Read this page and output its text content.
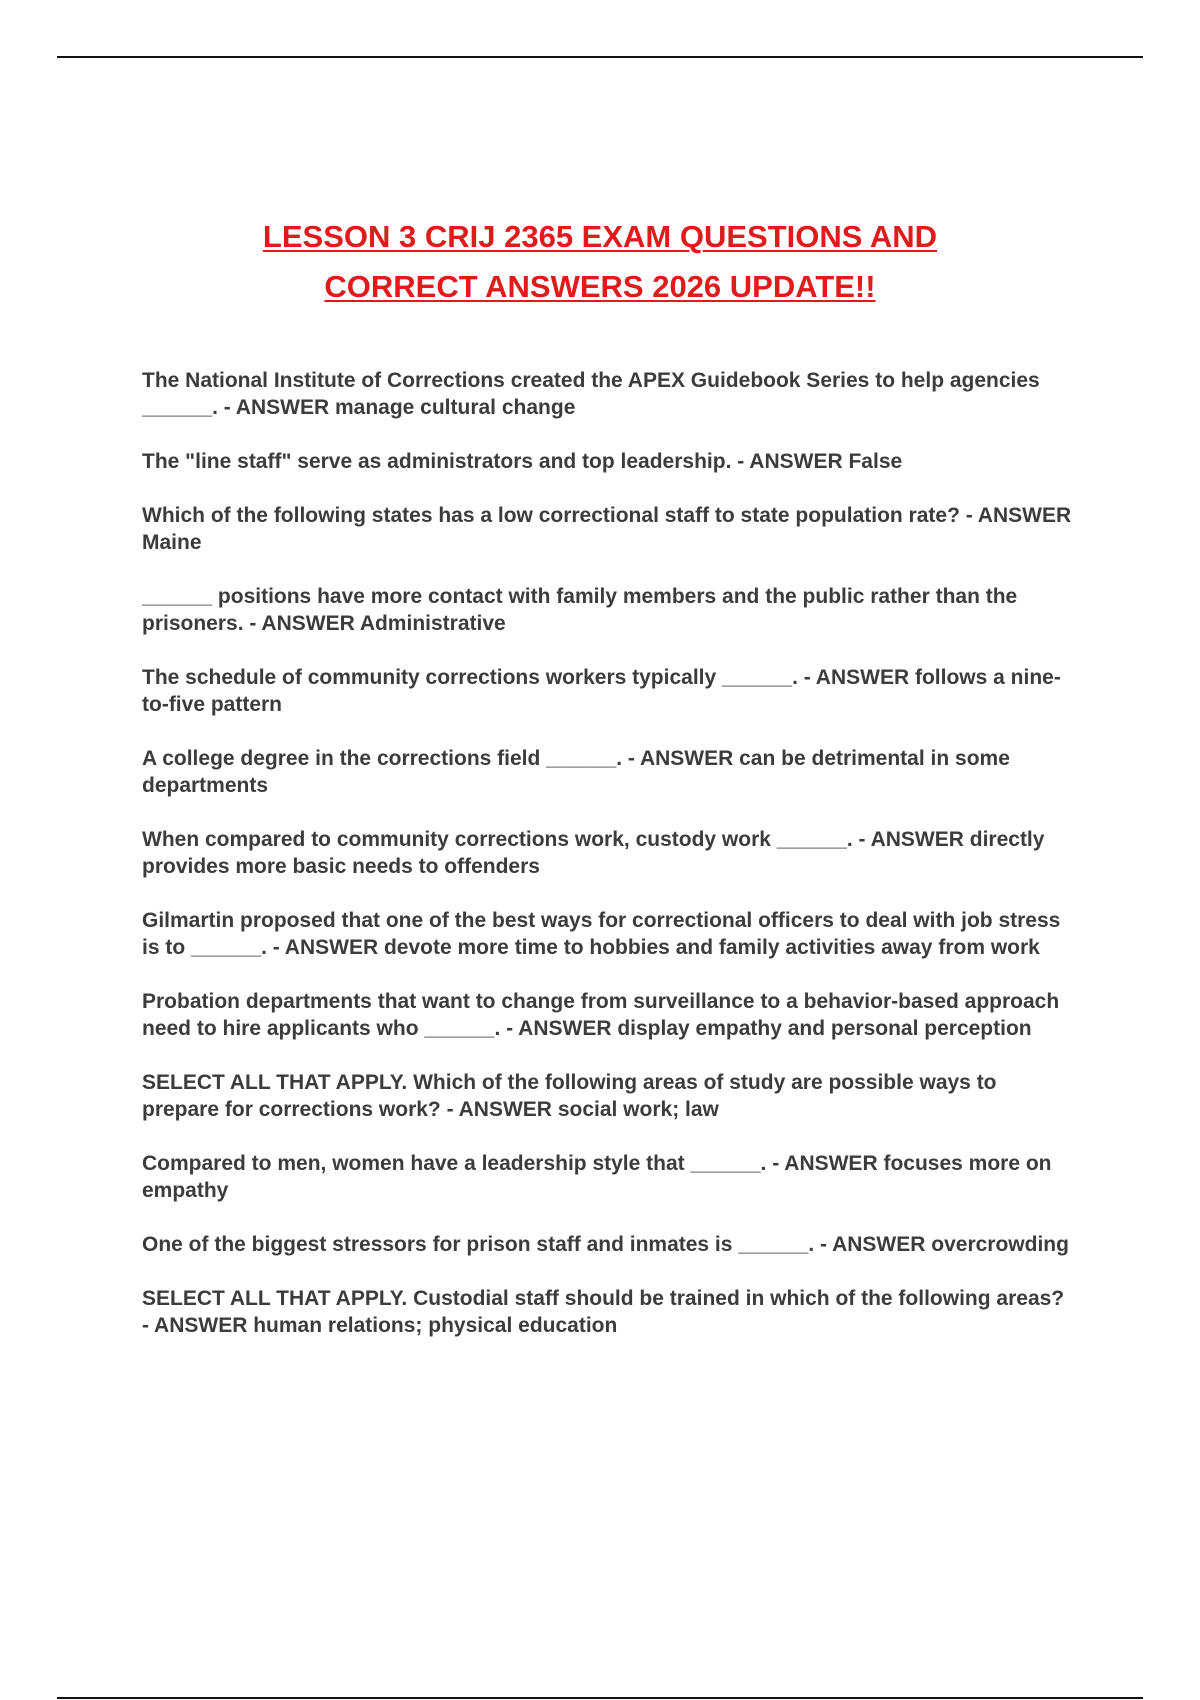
LESSON 3 CRIJ 2365 EXAM QUESTIONS AND
CORRECT ANSWERS 2026 UPDATE!!
The National Institute of Corrections created the APEX Guidebook Series to help agencies ______. - ANSWER manage cultural change
The "line staff" serve as administrators and top leadership. - ANSWER False
Which of the following states has a low correctional staff to state population rate? - ANSWER Maine
______ positions have more contact with family members and the public rather than the prisoners. - ANSWER Administrative
The schedule of community corrections workers typically ______. - ANSWER follows a nine-to-five pattern
A college degree in the corrections field ______. - ANSWER can be detrimental in some departments
When compared to community corrections work, custody work ______. - ANSWER directly provides more basic needs to offenders
Gilmartin proposed that one of the best ways for correctional officers to deal with job stress is to ______. - ANSWER devote more time to hobbies and family activities away from work
Probation departments that want to change from surveillance to a behavior-based approach need to hire applicants who ______. - ANSWER display empathy and personal perception
SELECT ALL THAT APPLY. Which of the following areas of study are possible ways to prepare for corrections work? - ANSWER social work; law
Compared to men, women have a leadership style that ______. - ANSWER focuses more on empathy
One of the biggest stressors for prison staff and inmates is ______. - ANSWER overcrowding
SELECT ALL THAT APPLY. Custodial staff should be trained in which of the following areas? - ANSWER human relations; physical education
